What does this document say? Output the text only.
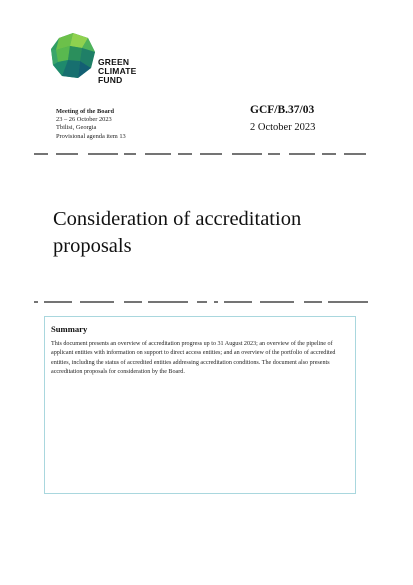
GREEN
CLIMATE
FUND
Meeting of the Board
23 – 26 October 2023
Tbilisi, Georgia
Provisional agenda item 13
GCF/B.37/03
2 October 2023
Consideration of accreditation proposals
Summary
This document presents an overview of accreditation progress up to 31 August 2023; an overview of the pipeline of applicant entities with information on support to direct access entities; and an overview of the portfolio of accredited entities, including the status of accredited entities addressing accreditation conditions. The document also presents accreditation proposals for consideration by the Board.
